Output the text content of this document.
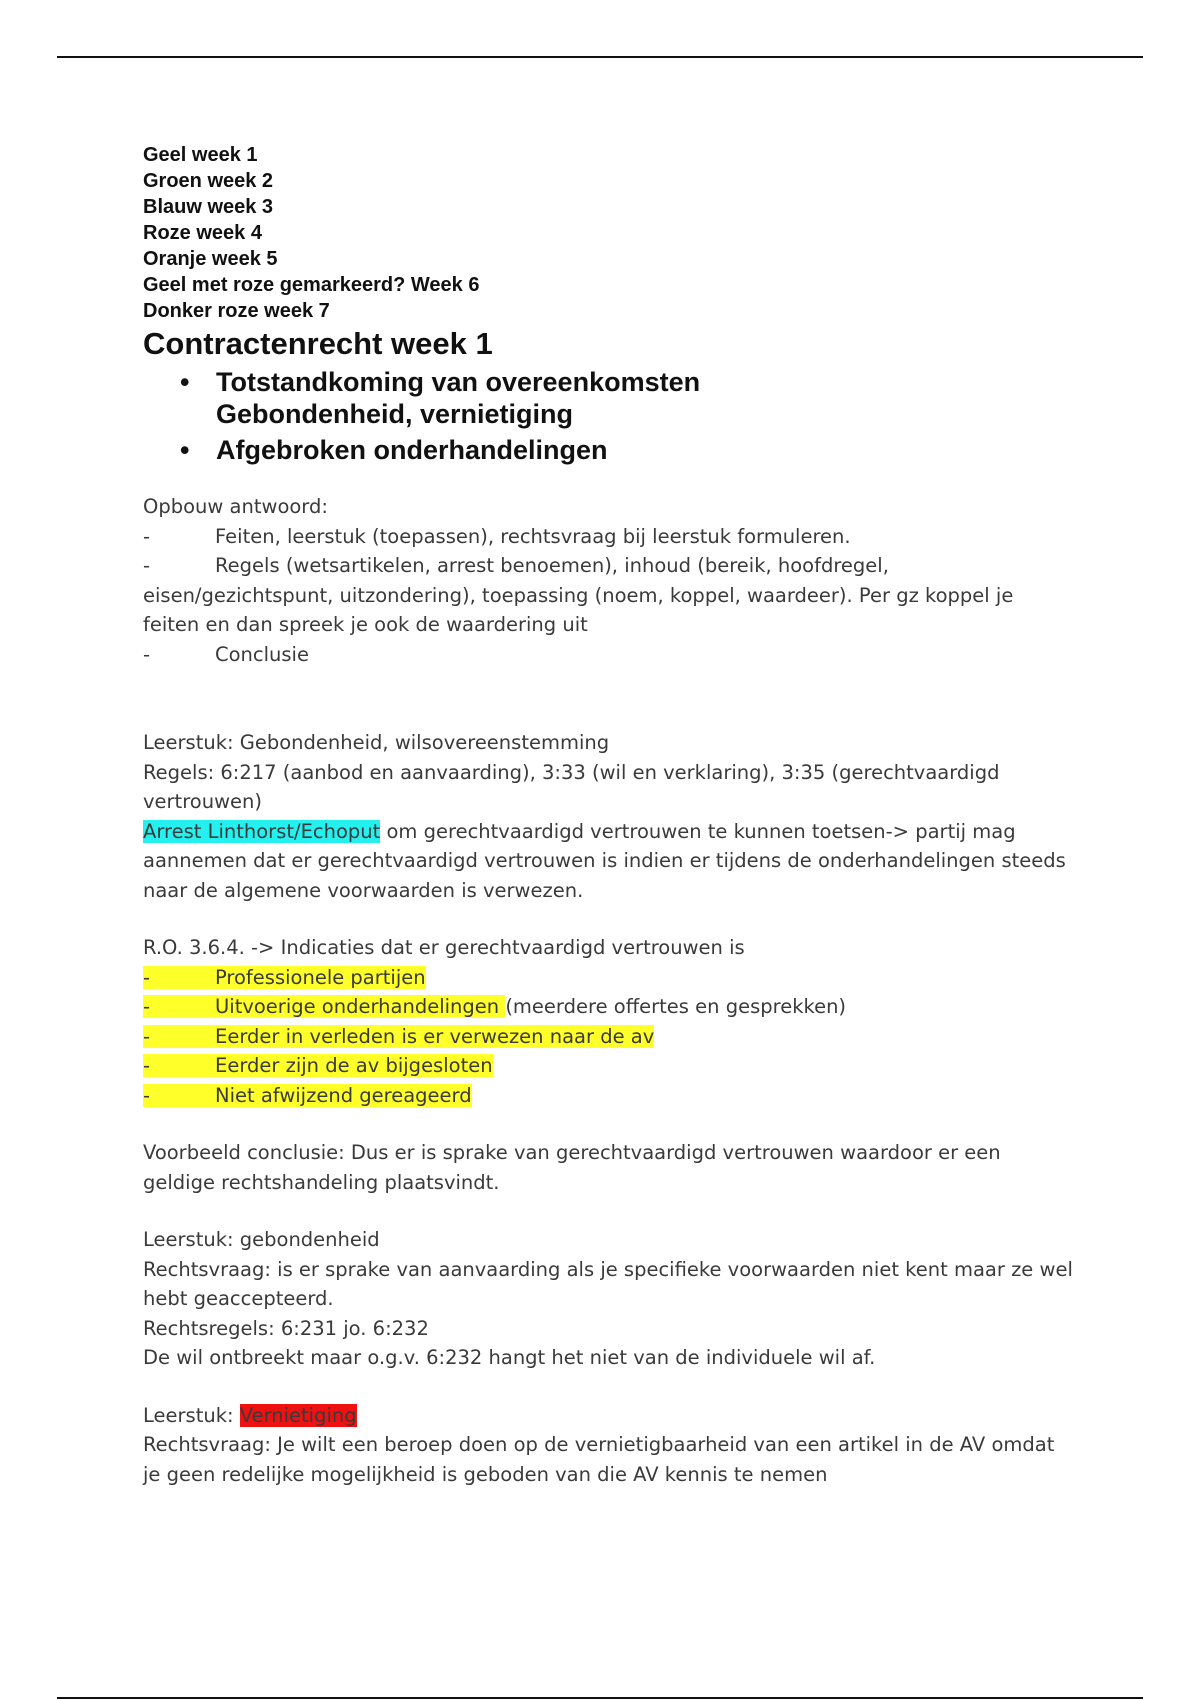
Geel week 1

Groen week 2

Blauw week 3

Roze week 4

Oranje week 5

Geel met roze gemarkeerd? Week 6

Donker roze week 7

Contractenrecht week 1
• Totstandkoming van overeenkomsten
Gebondenheid, vernietiging
• Afgebroken onderhandelingen

Opbouw antwoord:

-	Feiten, leerstuk (toepassen), rechtsvraag bij leerstuk formuleren.

-	Regels (wetsartikelen, arrest benoemen), inhoud (bereik, hoofdregel,

eisen/gezichtspunt, uitzondering), toepassing (noem, koppel, waardeer). Per gz koppel je feiten en dan spreek je ook de waardering uit

-	Conclusie

Leerstuk: Gebondenheid, wilsovereenstemming

Regels: 6:217 (aanbod en aanvaarding), 3:33 (wil en verklaring), 3:35 (gerechtvaardigd vertrouwen)

Arrest Linthorst/Echoput om gerechtvaardigd vertrouwen te kunnen toetsen-> partij mag aannemen dat er gerechtvaardigd vertrouwen is indien er tijdens de onderhandelingen steeds naar de algemene voorwaarden is verwezen.

R.O. 3.6.4. -> Indicaties dat er gerechtvaardigd vertrouwen is

-	Professionele partijen

-	Uitvoerige onderhandelingen (meerdere offertes en gesprekken)

-	Eerder in verleden is er verwezen naar de av

-	Eerder zijn de av bijgesloten

-	Niet afwijzend gereageerd

Voorbeeld conclusie: Dus er is sprake van gerechtvaardigd vertrouwen waardoor er een geldige rechtshandeling plaatsvindt.

Leerstuk: gebondenheid

Rechtsvraag: is er sprake van aanvaarding als je specifieke voorwaarden niet kent maar ze wel hebt geaccepteerd.

Rechtsregels: 6:231 jo. 6:232

De wil ontbreekt maar o.g.v. 6:232 hangt het niet van de individuele wil af.

Leerstuk: Vernietiging

Rechtsvraag: Je wilt een beroep doen op de vernietigbaarheid van een artikel in de AV omdat je geen redelijke mogelijkheid is geboden van die AV kennis te nemen
